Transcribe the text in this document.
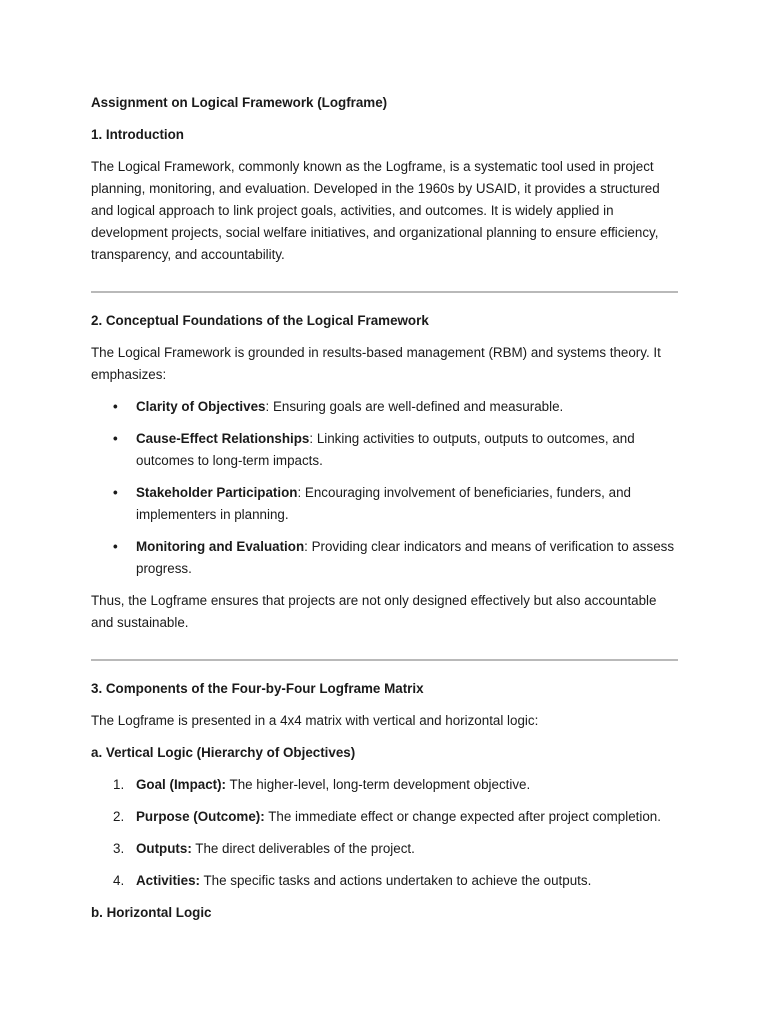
Assignment on Logical Framework (Logframe)
1. Introduction

The Logical Framework, commonly known as the Logframe, is a systematic tool used in project planning, monitoring, and evaluation. Developed in the 1960s by USAID, it provides a structured and logical approach to link project goals, activities, and outcomes. It is widely applied in development projects, social welfare initiatives, and organizational planning to ensure efficiency, transparency, and accountability.

2. Conceptual Foundations of the Logical Framework

The Logical Framework is grounded in results-based management (RBM) and systems theory. It emphasizes:

• Clarity of Objectives: Ensuring goals are well-defined and measurable.
• Cause-Effect Relationships: Linking activities to outputs, outputs to outcomes, and outcomes to long-term impacts.
• Stakeholder Participation: Encouraging involvement of beneficiaries, funders, and implementers in planning.
• Monitoring and Evaluation: Providing clear indicators and means of verification to assess progress.

Thus, the Logframe ensures that projects are not only designed effectively but also accountable and sustainable.

3. Components of the Four-by-Four Logframe Matrix

The Logframe is presented in a 4x4 matrix with vertical and horizontal logic:

a. Vertical Logic (Hierarchy of Objectives)
1. Goal (Impact): The higher-level, long-term development objective.
2. Purpose (Outcome): The immediate effect or change expected after project completion.
3. Outputs: The direct deliverables of the project.
4. Activities: The specific tasks and actions undertaken to achieve the outputs.
b. Horizontal Logic
